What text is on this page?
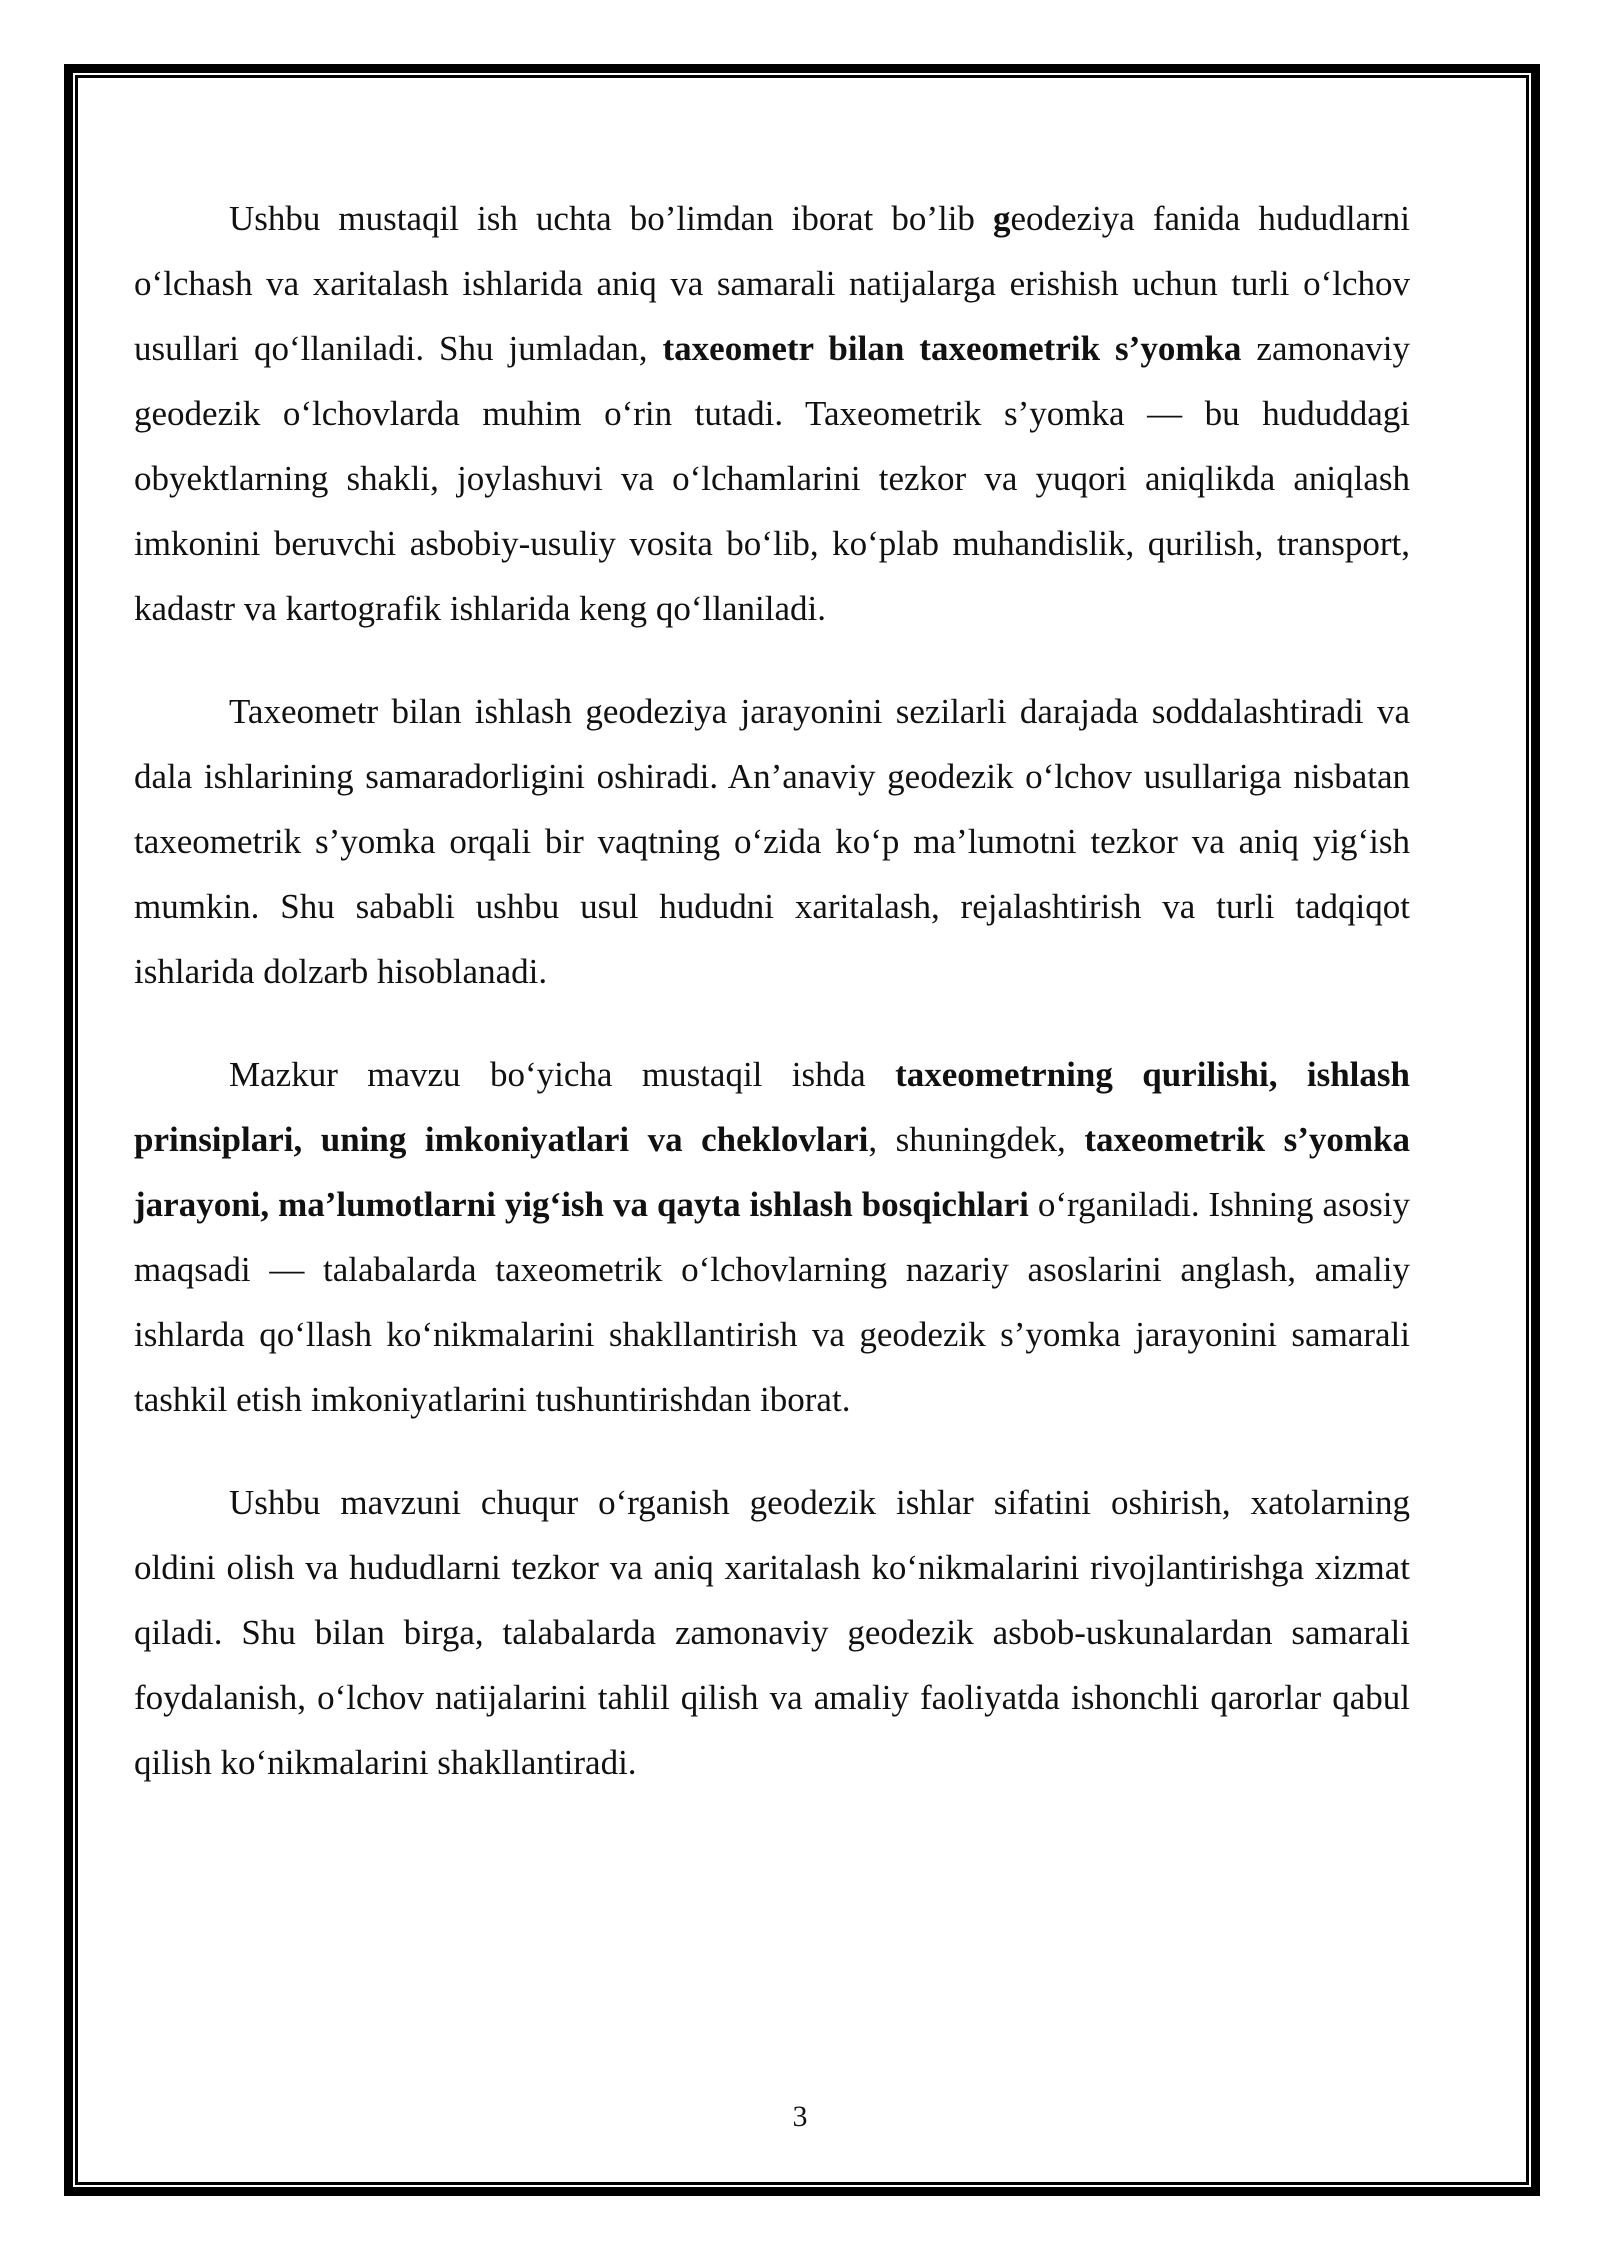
Ushbu mustaqil ish uchta bo’limdan iborat bo’lib geodeziya fanida hududlarni o‘lchash va xaritalash ishlarida aniq va samarali natijalarga erishish uchun turli o‘lchov usullari qo‘llaniladi. Shu jumladan, taxeometr bilan taxeometrik s’yomka zamonaviy geodezik o‘lchovlarda muhim o‘rin tutadi. Taxeometrik s’yomka — bu hududdagi obyektlarning shakli, joylashuvi va o‘lchamlarini tezkor va yuqori aniqlikda aniqlash imkonini beruvchi asbobiy-usuliy vosita bo‘lib, ko‘plab muhandislik, qurilish, transport, kadastr va kartografik ishlarida keng qo‘llaniladi.

Taxeometr bilan ishlash geodeziya jarayonini sezilarli darajada soddalashtiradi va dala ishlarining samaradorligini oshiradi. An’anaviy geodezik o‘lchov usullariga nisbatan taxeometrik s’yomka orqali bir vaqtning o‘zida ko‘p ma’lumotni tezkor va aniq yig‘ish mumkin. Shu sababli ushbu usul hududni xaritalash, rejalashtirish va turli tadqiqot ishlarida dolzarb hisoblanadi.

Mazkur mavzu bo‘yicha mustaqil ishda taxeometrning qurilishi, ishlash prinsiplari, uning imkoniyatlari va cheklovlari, shuningdek, taxeometrik s’yomka jarayoni, ma’lumotlarni yig‘ish va qayta ishlash bosqichlari o‘rganiladi. Ishning asosiy maqsadi — talabalarda taxeometrik o‘lchovlarning nazariy asoslarini anglash, amaliy ishlarda qo‘llash ko‘nikmalarini shakllantirish va geodezik s’yomka jarayonini samarali tashkil etish imkoniyatlarini tushuntirishdan iborat.

Ushbu mavzuni chuqur o‘rganish geodezik ishlar sifatini oshirish, xatolarning oldini olish va hududlarni tezkor va aniq xaritalash ko‘nikmalarini rivojlantirishga xizmat qiladi. Shu bilan birga, talabalarda zamonaviy geodezik asbob-uskunalardan samarali foydalanish, o‘lchov natijalarini tahlil qilish va amaliy faoliyatda ishonchli qarorlar qabul qilish ko‘nikmalarini shakllantiradi.

3
